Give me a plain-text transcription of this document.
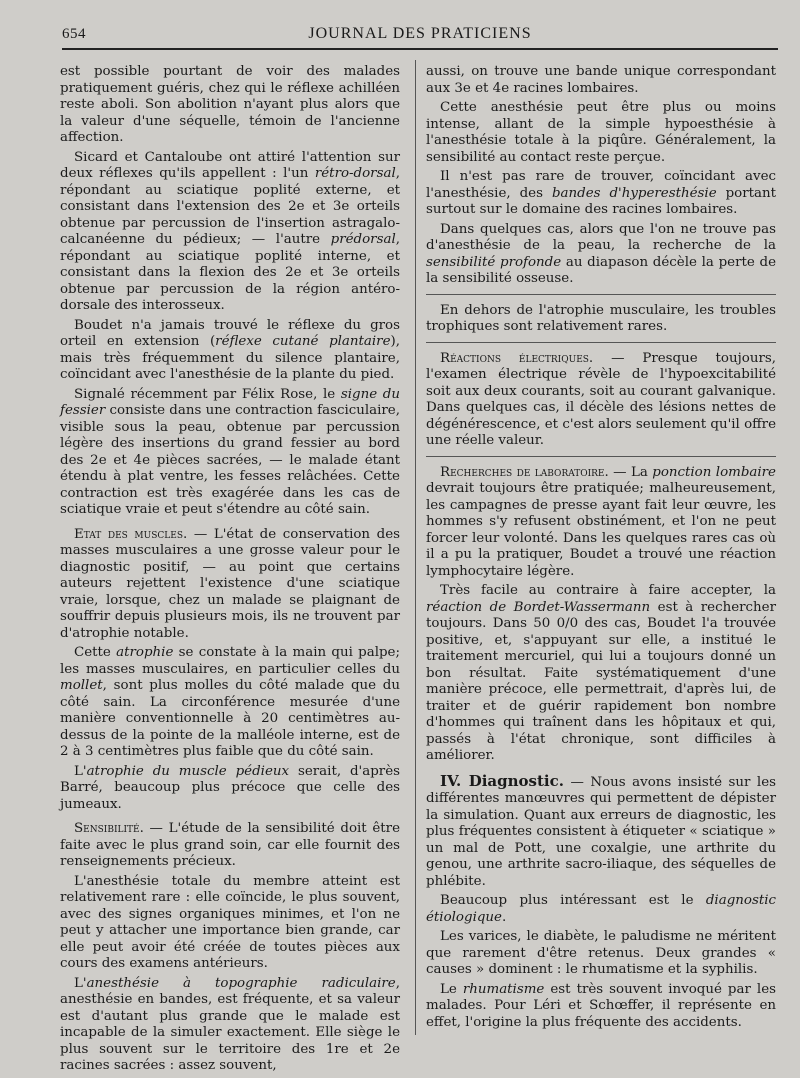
654	JOURNAL DES PRATICIENS

est possible pourtant de voir des malades pratiquement guéris, chez qui le réflexe achilléen reste aboli. Son abolition n'ayant plus alors que la valeur d'une séquelle, témoin de l'ancienne affection.

Sicard et Cantaloube ont attiré l'attention sur deux réflexes qu'ils appellent : l'un rétro-dorsal, répondant au sciatique poplité externe, et consistant dans l'extension des 2e et 3e orteils obtenue par percussion de l'insertion astragalo-calcanéenne du pédieux; — l'autre prédorsal, répondant au sciatique poplité interne, et consistant dans la flexion des 2e et 3e orteils obtenue par percussion de la région antéro-dorsale des interosseux.

Boudet n'a jamais trouvé le réflexe du gros orteil en extension (réflexe cutané plantaire), mais très fréquemment du silence plantaire, coïncidant avec l'anesthésie de la plante du pied.

Signalé récemment par Félix Rose, le signe du fessier consiste dans une contraction fasciculaire, visible sous la peau, obtenue par percussion légère des insertions du grand fessier au bord des 2e et 4e pièces sacrées, — le malade étant étendu à plat ventre, les fesses relâchées. Cette contraction est très exagérée dans les cas de sciatique vraie et peut s'étendre au côté sain.

Etat des muscles. — L'état de conservation des masses musculaires a une grosse valeur pour le diagnostic positif, — au point que certains auteurs rejettent l'existence d'une sciatique vraie, lorsque, chez un malade se plaignant de souffrir depuis plusieurs mois, ils ne trouvent par d'atrophie notable.

Cette atrophie se constate à la main qui palpe; les masses musculaires, en particulier celles du mollet, sont plus molles du côté malade que du côté sain. La circonférence mesurée d'une manière conventionnelle à 20 centimètres au-dessus de la pointe de la malléole interne, est de 2 à 3 centimètres plus faible que du côté sain.

L'atrophie du muscle pédieux serait, d'après Barré, beaucoup plus précoce que celle des jumeaux.

Sensibilité. — L'étude de la sensibilité doit être faite avec le plus grand soin, car elle fournit des renseignements précieux.

L'anesthésie totale du membre atteint est relativement rare : elle coïncide, le plus souvent, avec des signes organiques minimes, et l'on ne peut y attacher une importance bien grande, car elle peut avoir été créée de toutes pièces aux cours des examens antérieurs.

L'anesthésie à topographie radiculaire, anesthésie en bandes, est fréquente, et sa valeur est d'autant plus grande que le malade est incapable de la simuler exactement. Elle siège le plus souvent sur le territoire des 1re et 2e racines sacrées : assez souvent,

aussi, on trouve une bande unique correspondant aux 3e et 4e racines lombaires.

Cette anesthésie peut être plus ou moins intense, allant de la simple hypoesthésie à l'anesthésie totale à la piqûre. Généralement, la sensibilité au contact reste perçue.

Il n'est pas rare de trouver, coïncidant avec l'anesthésie, des bandes d'hyperesthésie portant surtout sur le domaine des racines lombaires.

Dans quelques cas, alors que l'on ne trouve pas d'anesthésie de la peau, la recherche de la sensibilité profonde au diapason décèle la perte de la sensibilité osseuse.

En dehors de l'atrophie musculaire, les troubles trophiques sont relativement rares.

Réactions électriques. — Presque toujours, l'examen électrique révèle de l'hypoexcitabilité soit aux deux courants, soit au courant galvanique. Dans quelques cas, il décèle des lésions nettes de dégénérescence, et c'est alors seulement qu'il offre une réelle valeur.

Recherches de laboratoire. — La ponction lombaire devrait toujours être pratiquée; malheureusement, les campagnes de presse ayant fait leur œuvre, les hommes s'y refusent obstinément, et l'on ne peut forcer leur volonté. Dans les quelques rares cas où il a pu la pratiquer, Boudet a trouvé une réaction lymphocytaire légère.

Très facile au contraire à faire accepter, la réaction de Bordet-Wassermann est à rechercher toujours. Dans 50 0/0 des cas, Boudet l'a trouvée positive, et, s'appuyant sur elle, a institué le traitement mercuriel, qui lui a toujours donné un bon résultat. Faite systématiquement d'une manière précoce, elle permettrait, d'après lui, de traiter et de guérir rapidement bon nombre d'hommes qui traînent dans les hôpitaux et qui, passés à l'état chronique, sont difficiles à améliorer.

IV. Diagnostic. — Nous avons insisté sur les différentes manœuvres qui permettent de dépister la simulation. Quant aux erreurs de diagnostic, les plus fréquentes consistent à étiqueter « sciatique » un mal de Pott, une coxalgie, une arthrite du genou, une arthrite sacro-iliaque, des séquelles de phlébite.

Beaucoup plus intéressant est le diagnostic étiologique.

Les varices, le diabète, le paludisme ne méritent que rarement d'être retenus. Deux grandes « causes » dominent : le rhumatisme et la syphilis.

Le rhumatisme est très souvent invoqué par les malades. Pour Léri et Schœffer, il représente en effet, l'origine la plus fréquente des accidents.
